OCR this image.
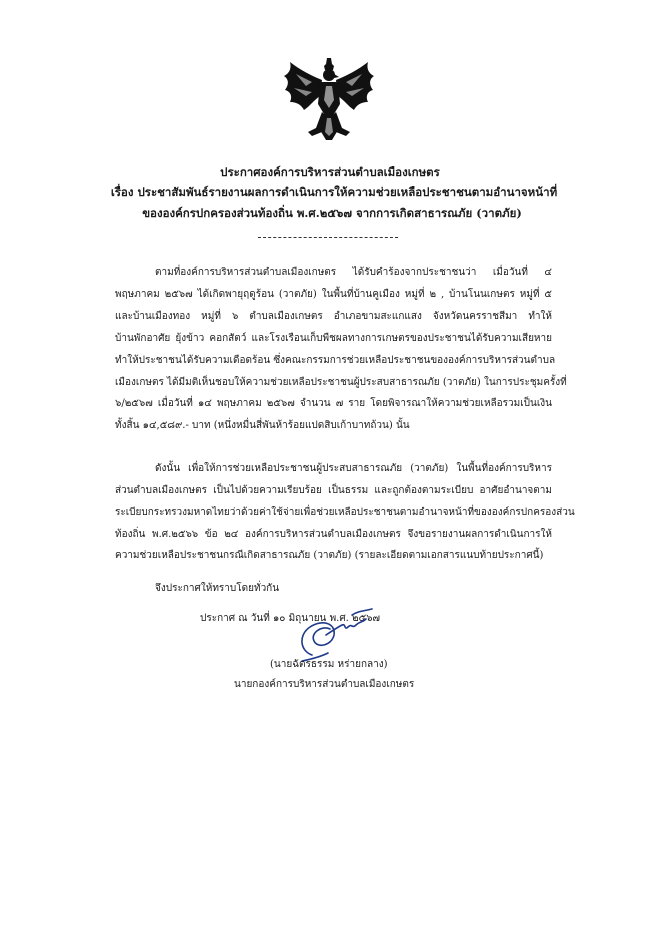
ประกาศองค์การบริหารส่วนตำบลเมืองเกษตร
เรื่อง ประชาสัมพันธ์รายงานผลการดำเนินการให้ความช่วยเหลือประชาชนตามอำนาจหน้าที่
ขององค์กรปกครองส่วนท้องถิ่น พ.ศ.๒๕๖๗ จากการเกิดสาธารณภัย (วาตภัย)
ตามที่องค์การบริหารส่วนตำบลเมืองเกษตร ได้รับคำร้องจากประชาชนว่า เมื่อวันที่ ๔
พฤษภาคม ๒๕๖๗ ได้เกิดพายุฤดูร้อน (วาตภัย) ในพื้นที่บ้านคูเมือง หมู่ที่ ๒ , บ้านโนนเกษตร หมู่ที่ ๕
และบ้านเมืองทอง หมู่ที่ ๖ ตำบลเมืองเกษตร อำเภอขามสะแกแสง จังหวัดนครราชสีมา ทำให้
บ้านพักอาศัย ยุ้งข้าว คอกสัตว์ และโรงเรือนเก็บพืชผลทางการเกษตรของประชาชนได้รับความเสียหาย
ทำให้ประชาชนได้รับความเดือดร้อน ซึ่งคณะกรรมการช่วยเหลือประชาชนขององค์การบริหารส่วนตำบล
เมืองเกษตร ได้มีมติเห็นชอบให้ความช่วยเหลือประชาชนผู้ประสบสาธารณภัย (วาตภัย) ในการประชุมครั้งที่
๖/๒๕๖๗ เมื่อวันที่ ๑๔ พฤษภาคม ๒๕๖๗ จำนวน ๗ ราย โดยพิจารณาให้ความช่วยเหลือรวมเป็นเงิน
ทั้งสิ้น ๑๔,๕๘๙.- บาท (หนึ่งหมื่นสี่พันห้าร้อยแปดสิบเก้าบาทถ้วน) นั้น
ดังนั้น เพื่อให้การช่วยเหลือประชาชนผู้ประสบสาธารณภัย (วาตภัย) ในพื้นที่องค์การบริหาร
ส่วนตำบลเมืองเกษตร เป็นไปด้วยความเรียบร้อย เป็นธรรม และถูกต้องตามระเบียบ อาศัยอำนาจตาม
ระเบียบกระทรวงมหาดไทยว่าด้วยค่าใช้จ่ายเพื่อช่วยเหลือประชาชนตามอำนาจหน้าที่ขององค์กรปกครองส่วน
ท้องถิ่น พ.ศ.๒๕๖๖ ข้อ ๒๔ องค์การบริหารส่วนตำบลเมืองเกษตร จึงขอรายงานผลการดำเนินการให้
ความช่วยเหลือประชาชนกรณีเกิดสาธารณภัย (วาตภัย) (รายละเอียดตามเอกสารแนบท้ายประกาศนี้)
จึงประกาศให้ทราบโดยทั่วกัน
ประกาศ ณ วันที่ ๑๐ มิถุนายน พ.ศ. ๒๕๖๗
(นายฉัตรธรรม หร่ายกลาง)
นายกองค์การบริหารส่วนตำบลเมืองเกษตร
